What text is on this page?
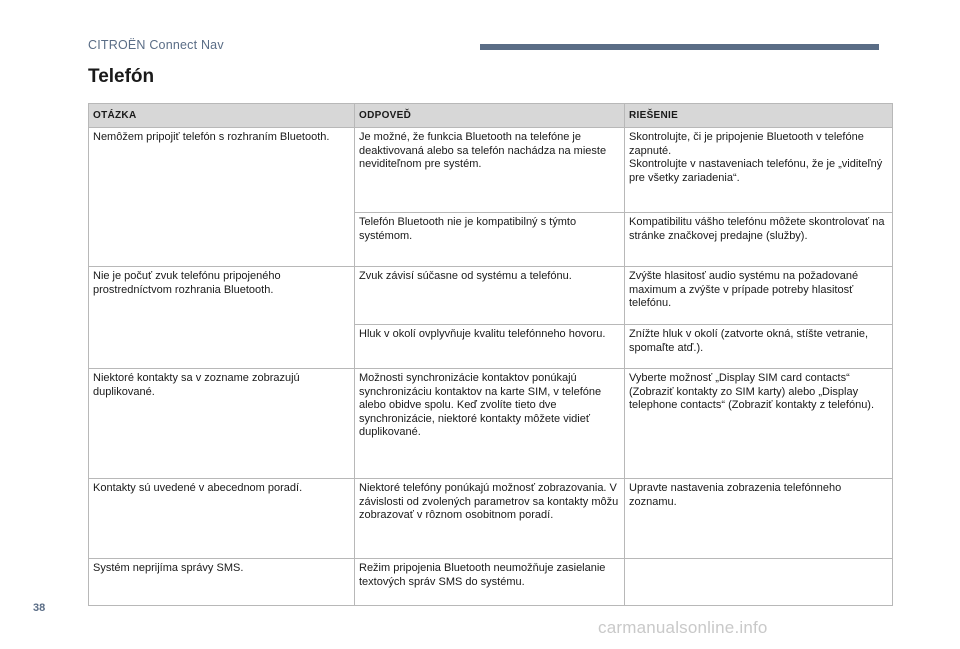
CITROËN Connect Nav
Telefón
OTÁZKA	ODPOVEĎ	RIEŠENIE
Nemôžem pripojiť telefón s rozhraním Bluetooth.	Je možné, že funkcia Bluetooth na telefóne je deaktivovaná alebo sa telefón nachádza na mieste neviditeľnom pre systém.	Skontrolujte, či je pripojenie Bluetooth v telefóne zapnuté.
Skontrolujte v nastaveniach telefónu, že je „viditeľný pre všetky zariadenia“.
	Telefón Bluetooth nie je kompatibilný s týmto systémom.	Kompatibilitu vášho telefónu môžete skontrolovať na stránke značkovej predajne (služby).
Nie je počuť zvuk telefónu pripojeného prostredníctvom rozhrania Bluetooth.	Zvuk závisí súčasne od systému a telefónu.	Zvýšte hlasitosť audio systému na požadované maximum a zvýšte v prípade potreby hlasitosť telefónu.
	Hluk v okolí ovplyvňuje kvalitu telefónneho hovoru.	Znížte hluk v okolí (zatvorte okná, stíšte vetranie, spomaľte atď.).
Niektoré kontakty sa v zozname zobrazujú duplikované.	Možnosti synchronizácie kontaktov ponúkajú synchronizáciu kontaktov na karte SIM, v telefóne alebo obidve spolu. Keď zvolíte tieto dve synchronizácie, niektoré kontakty môžete vidieť duplikované.	Vyberte možnosť „Display SIM card contacts“ (Zobraziť kontakty zo SIM karty) alebo „Display telephone contacts“ (Zobraziť kontakty z telefónu).
Kontakty sú uvedené v abecednom poradí.	Niektoré telefóny ponúkajú možnosť zobrazovania. V závislosti od zvolených parametrov sa kontakty môžu zobrazovať v rôznom osobitnom poradí.	Upravte nastavenia zobrazenia telefónneho zoznamu.
Systém neprijíma správy SMS.	Režim pripojenia Bluetooth neumožňuje zasielanie textových správ SMS do systému.	
38
carmanualsonline.info
